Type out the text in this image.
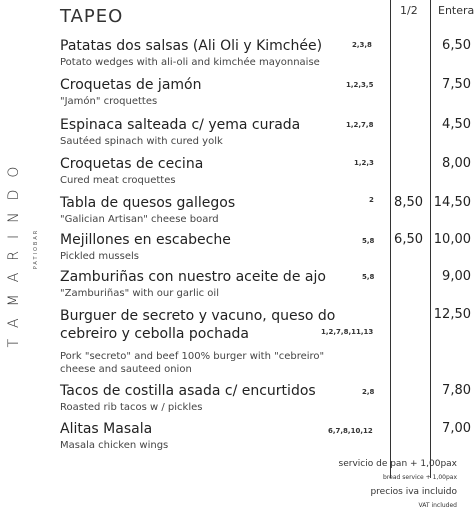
TAMARINDO	PATIOBAR
TAPEO	1/2 Entera
Patatas dos salsas (Ali Oli y Kimchée)
Potato wedges with ali-oli and kimchée mayonnaise
2,3,8	6,50
Croquetas de jamón
"Jamón" croquettes
1,2,3,5	7,50
Espinaca salteada c/ yema curada
Sautéed spinach with cured yolk
1,2,7,8	4,50
Croquetas de cecina
Cured meat croquettes
1,2,3	8,00
Tabla de quesos gallegos
"Galician Artisan" cheese board
2 8,50 14,50
Mejillones en escabeche
Pickled mussels
5,8 6,50 10,00
Zamburiñas con nuestro aceite de ajo
"Zamburiñas" with our garlic oil
5,8	9,00
Burguer de secreto y vacuno, queso do cebreiro y cebolla pochada
Pork "secreto" and beef 100% burger with "cebreiro" cheese and sauteed onion
1,2,7,8,11,13
12,50
Tacos de costilla asada c/ encurtidos
Roasted rib tacos w / pickles
2,8	7,80
Alitas Masala
Masala chicken wings
6,7,8,10,12	7,00
servicio de pan + 1,00pax
bread service + 1,00pax
precios iva incluido
VAT included
